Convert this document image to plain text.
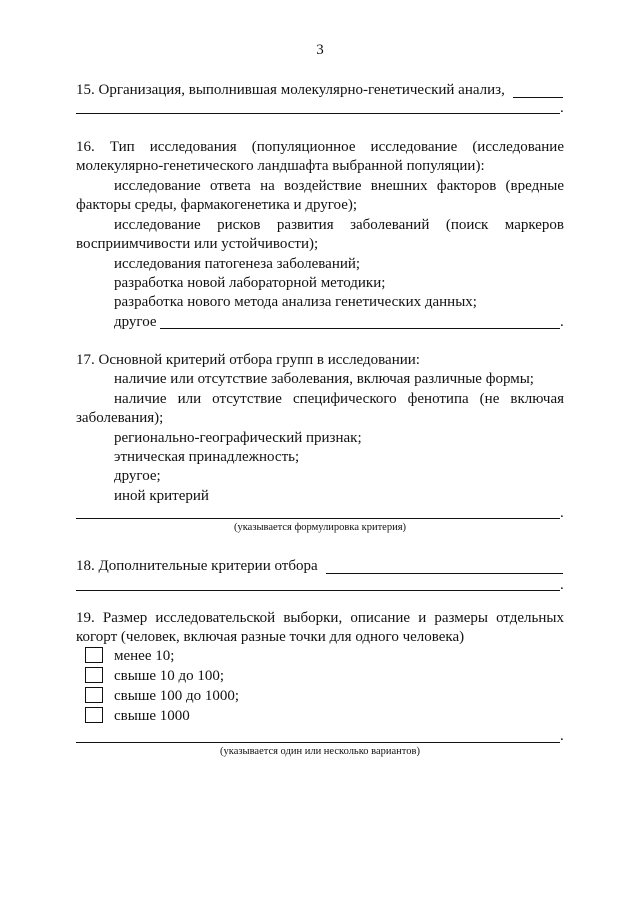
3
15. Организация, выполнившая молекулярно-генетический анализ,
.
16. Тип исследования (популяционное исследование (исследование
молекулярно-генетического ландшафта выбранной популяции):
исследование ответа на воздействие внешних факторов (вредные
факторы среды, фармакогенетика и другое);
исследование рисков развития заболеваний (поиск маркеров
восприимчивости или устойчивости);
исследования патогенеза заболеваний;
разработка новой лабораторной методики;
разработка нового метода анализа генетических данных;
другое	.
17. Основной критерий отбора групп в исследовании:
наличие или отсутствие заболевания, включая различные формы;
наличие или отсутствие специфического фенотипа (не включая
заболевания);
регионально-географический признак;
этническая принадлежность;
другое;
иной критерий
.
(указывается формулировка критерия)
18. Дополнительные критерии отбора
.
19. Размер исследовательской выборки, описание и размеры отдельных
когорт (человек, включая разные точки для одного человека)
менее 10;
свыше 10 до 100;
свыше 100 до 1000;
свыше 1000
.
(указывается один или несколько вариантов)
